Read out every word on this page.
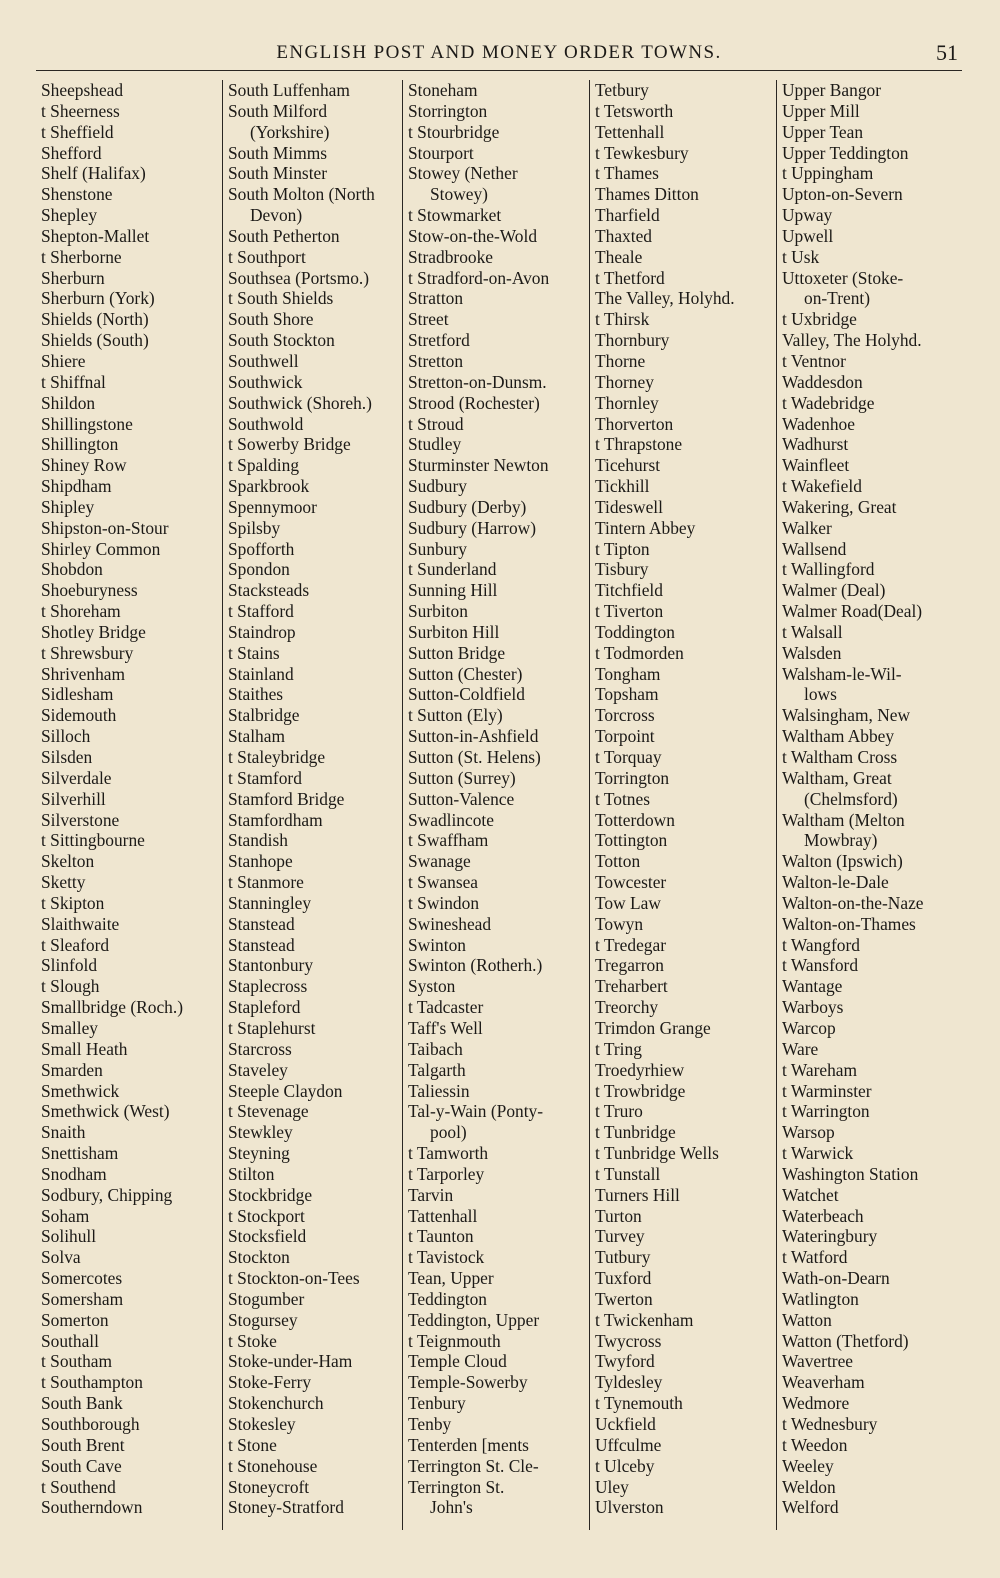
ENGLISH POST AND MONEY ORDER TOWNS.	51
Sheepshead
t Sheerness
t Sheffield
Shefford
Shelf (Halifax)
Shenstone
Shepley
Shepton-Mallet
t Sherborne
Sherburn
Sherburn (York)
Shields (North)
Shields (South)
Shiere
t Shiffnal
Shildon
Shillingstone
Shillington
Shiney Row
Shipdham
Shipley
Shipston-on-Stour
Shirley Common
Shobdon
Shoeburyness
t Shoreham
Shotley Bridge
t Shrewsbury
Shrivenham
Sidlesham
Sidemouth
Silloch
Silsden
Silverdale
Silverhill
Silverstone
t Sittingbourne
Skelton
Sketty
t Skipton
Slaithwaite
t Sleaford
Slinfold
t Slough
Smallbridge (Roch.)
Smalley
Small Heath
Smarden
Smethwick
Smethwick (West)
Snaith
Snettisham
Snodham
Sodbury, Chipping
Soham
Solihull
Solva
Somercotes
Somersham
Somerton
Southall
t Southam
t Southampton
South Bank
Southborough
South Brent
South Cave
t Southend
Southerndown
South Luffenham
South Milford
(Yorkshire)
South Mimms
South Minster
South Molton (North
Devon)
South Petherton
t Southport
Southsea (Portsmo.)
t South Shields
South Shore
South Stockton
Southwell
Southwick
Southwick (Shoreh.)
Southwold
t Sowerby Bridge
t Spalding
Sparkbrook
Spennymoor
Spilsby
Spofforth
Spondon
Stacksteads
t Stafford
Staindrop
t Stains
Stainland
Staithes
Stalbridge
Stalham
t Staleybridge
t Stamford
Stamford Bridge
Stamfordham
Standish
Stanhope
t Stanmore
Stanningley
Stanstead
Stanstead
Stantonbury
Staplecross
Stapleford
t Staplehurst
Starcross
Staveley
Steeple Claydon
t Stevenage
Stewkley
Steyning
Stilton
Stockbridge
t Stockport
Stocksfield
Stockton
t Stockton-on-Tees
Stogumber
Stogursey
t Stoke
Stoke-under-Ham
Stoke-Ferry
Stokenchurch
Stokesley
t Stone
t Stonehouse
Stoneycroft
Stoney-Stratford
Stoneham
Storrington
t Stourbridge
Stourport
Stowey (Nether
Stowey)
t Stowmarket
Stow-on-the-Wold
Stradbrooke
t Stradford-on-Avon
Stratton
Street
Stretford
Stretton
Stretton-on-Dunsm.
Strood (Rochester)
t Stroud
Studley
Sturminster Newton
Sudbury
Sudbury (Derby)
Sudbury (Harrow)
Sunbury
t Sunderland
Sunning Hill
Surbiton
Surbiton Hill
Sutton Bridge
Sutton (Chester)
Sutton-Coldfield
t Sutton (Ely)
Sutton-in-Ashfield
Sutton (St. Helens)
Sutton (Surrey)
Sutton-Valence
Swadlincote
t Swaffham
Swanage
t Swansea
t Swindon
Swineshead
Swinton
Swinton (Rotherh.)
Syston
t Tadcaster
Taff's Well
Taibach
Talgarth
Taliessin
Tal-y-Wain (Ponty-
pool)
t Tamworth
t Tarporley
Tarvin
Tattenhall
t Taunton
t Tavistock
Tean, Upper
Teddington
Teddington, Upper
t Teignmouth
Temple Cloud
Temple-Sowerby
Tenbury
Tenby
Tenterden [ments
Terrington St. Cle-
Terrington St.
John's
Tetbury
t Tetsworth
Tettenhall
t Tewkesbury
t Thames
Thames Ditton
Tharfield
Thaxted
Theale
t Thetford
The Valley, Holyhd.
t Thirsk
Thornbury
Thorne
Thorney
Thornley
Thorverton
t Thrapstone
Ticehurst
Tickhill
Tideswell
Tintern Abbey
t Tipton
Tisbury
Titchfield
t Tiverton
Toddington
t Todmorden
Tongham
Topsham
Torcross
Torpoint
t Torquay
Torrington
t Totnes
Totterdown
Tottington
Totton
Towcester
Tow Law
Towyn
t Tredegar
Tregarron
Treharbert
Treorchy
Trimdon Grange
t Tring
Troedyrhiew
t Trowbridge
t Truro
t Tunbridge
t Tunbridge Wells
t Tunstall
Turners Hill
Turton
Turvey
Tutbury
Tuxford
Twerton
t Twickenham
Twycross
Twyford
Tyldesley
t Tynemouth
Uckfield
Uffculme
t Ulceby
Uley
Ulverston
Upper Bangor
Upper Mill
Upper Tean
Upper Teddington
t Uppingham
Upton-on-Severn
Upway
Upwell
t Usk
Uttoxeter (Stoke-
on-Trent)
t Uxbridge
Valley, The Holyhd.
t Ventnor
Waddesdon
t Wadebridge
Wadenhoe
Wadhurst
Wainfleet
t Wakefield
Wakering, Great
Walker
Wallsend
t Wallingford
Walmer (Deal)
Walmer Road(Deal)
t Walsall
Walsden
Walsham-le-Wil-
lows
Walsingham, New
Waltham Abbey
t Waltham Cross
Waltham, Great
(Chelmsford)
Waltham (Melton
Mowbray)
Walton (Ipswich)
Walton-le-Dale
Walton-on-the-Naze
Walton-on-Thames
t Wangford
t Wansford
Wantage
Warboys
Warcop
Ware
t Wareham
t Warminster
t Warrington
Warsop
t Warwick
Washington Station
Watchet
Waterbeach
Wateringbury
t Watford
Wath-on-Dearn
Watlington
Watton
Watton (Thetford)
Wavertree
Weaverham
Wedmore
t Wednesbury
t Weedon
Weeley
Weldon
Welford
